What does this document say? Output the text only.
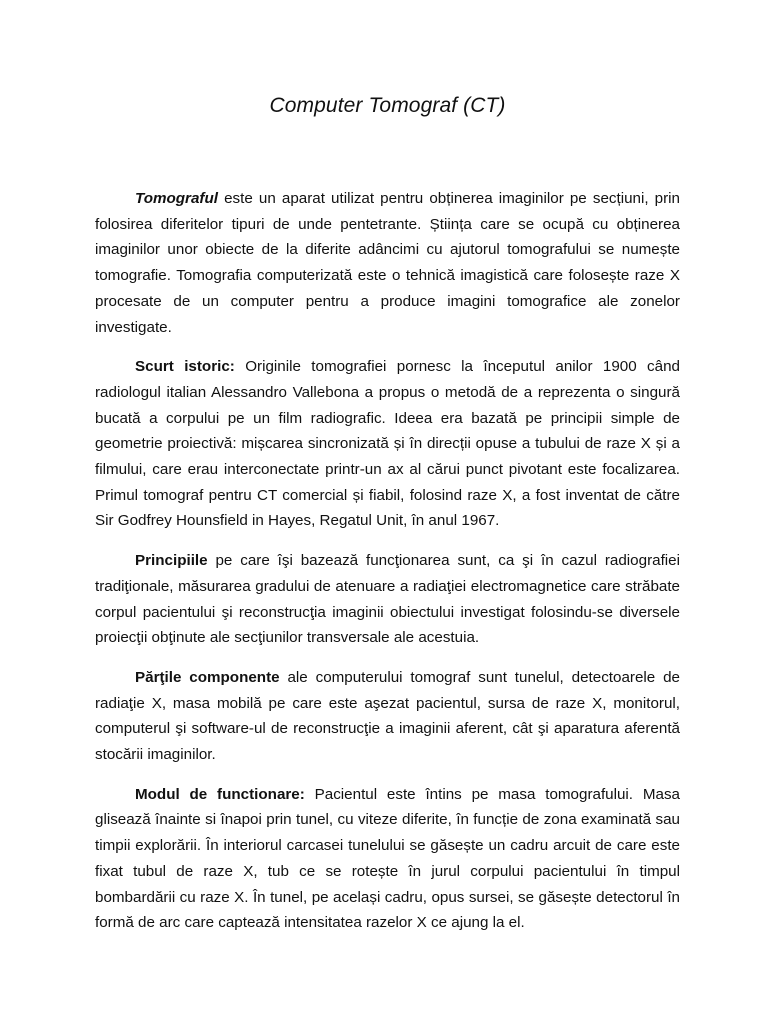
Computer Tomograf (CT)

Tomograful este un aparat utilizat pentru obținerea imaginilor pe secțiuni, prin folosirea diferitelor tipuri de unde pentetrante. Știința care se ocupă cu obținerea imaginilor unor obiecte de la diferite adâncimi cu ajutorul tomografului se numește tomografie. Tomografia computerizată este o tehnică imagistică care folosește raze X procesate de un computer pentru a produce imagini tomografice ale zonelor investigate.

Scurt istoric: Originile tomografiei pornesc la începutul anilor 1900 când radiologul italian Alessandro Vallebona a propus o metodă de a reprezenta o singură bucată a corpului pe un film radiografic. Ideea era bazată pe principii simple de geometrie proiectivă: mișcarea sincronizată și în direcții opuse a tubului de raze X și a filmului, care erau interconectate printr-un ax al cărui punct pivotant este focalizarea. Primul tomograf pentru CT comercial și fiabil, folosind raze X, a fost inventat de către Sir Godfrey Hounsfield in Hayes, Regatul Unit, în anul 1967.

Principiile pe care îşi bazează funcţionarea sunt, ca şi în cazul radiografiei tradiţionale, măsurarea gradului de atenuare a radiaţiei electromagnetice care străbate corpul pacientului şi reconstrucţia imaginii obiectului investigat folosindu-se diversele proiecţii obţinute ale secţiunilor transversale ale acestuia.

Părţile componente ale computerului tomograf sunt tunelul, detectoarele de radiaţie X, masa mobilă pe care este aşezat pacientul, sursa de raze X, monitorul, computerul şi software-ul de reconstrucţie a imaginii aferent, cât şi aparatura aferentă stocării imaginilor.

Modul de functionare: Pacientul este întins pe masa tomografului. Masa glisează înainte si înapoi prin tunel, cu viteze diferite, în funcție de zona examinată sau timpii explorării. În interiorul carcasei tunelului se găsește un cadru arcuit de care este fixat tubul de raze X, tub ce se rotește în jurul corpului pacientului în timpul bombardării cu raze X. În tunel, pe același cadru, opus sursei, se găsește detectorul în formă de arc care captează intensitatea razelor X ce ajung la el.
